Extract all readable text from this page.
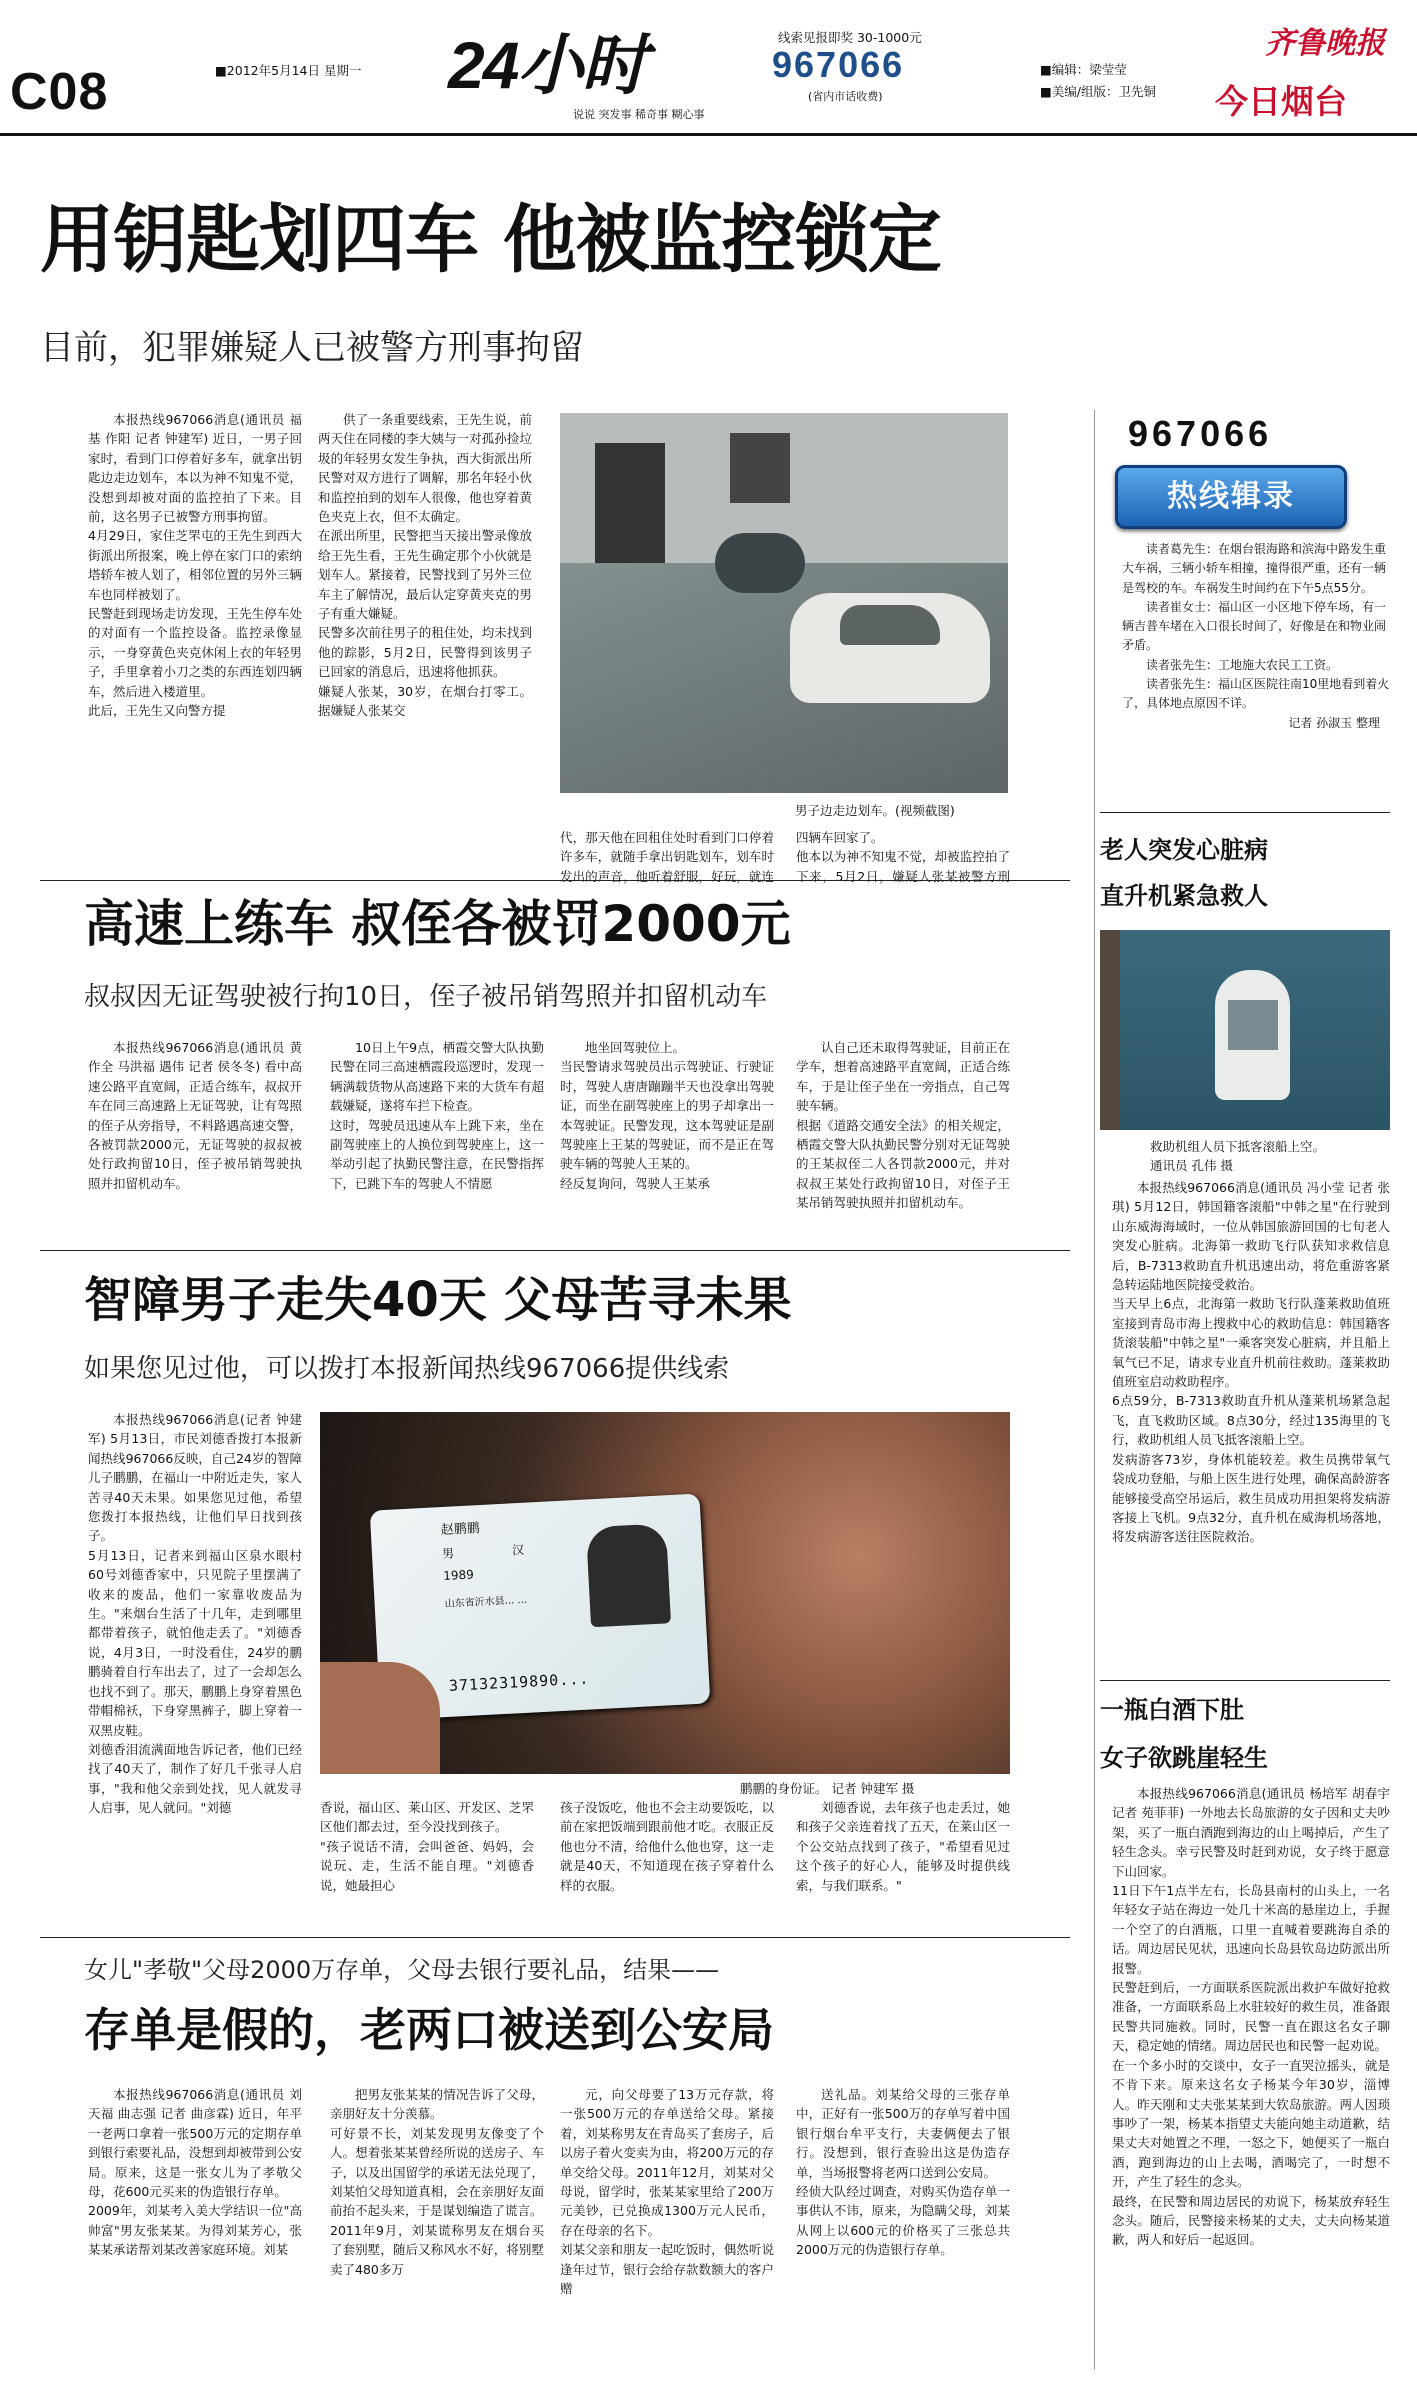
C08	■2012年5月14日 星期一 24小时
说说 突发事 稀奇事 糊心事
线索见报即奖 30-1000元
967066
(省内市话收费)
■编辑：梁莹莹
■美编/组版：卫先铜
齐鲁晚报
今日烟台
用钥匙划四车 他被监控锁定
目前，犯罪嫌疑人已被警方刑事拘留

本报热线967066消息(通讯员 福基 作阳 记者 钟建军) 近日，一男子回家时，看到门口停着好多车，就拿出钥匙边走边划车，本以为神不知鬼不觉，没想到却被对面的监控拍了下来。目前，这名男子已被警方刑事拘留。
4月29日，家住芝罘屯的王先生到西大街派出所报案，晚上停在家门口的索纳塔轿车被人划了，相邻位置的另外三辆车也同样被划了。
民警赶到现场走访发现，王先生停车处的对面有一个监控设备。监控录像显示，一身穿黄色夹克休闲上衣的年轻男子，手里拿着小刀之类的东西连划四辆车，然后进入楼道里。
此后，王先生又向警方提

供了一条重要线索，王先生说，前两天住在同楼的李大姨与一对孤孙捡垃圾的年轻男女发生争执，西大街派出所民警对双方进行了调解，那名年轻小伙和监控拍到的划车人很像，他也穿着黄色夹克上衣，但不太确定。
在派出所里，民警把当天接出警录像放给王先生看，王先生确定那个小伙就是划车人。紧接着，民警找到了另外三位车主了解情况，最后认定穿黄夹克的男子有重大嫌疑。
民警多次前往男子的租住处，均未找到他的踪影，5月2日，民警得到该男子已回家的消息后，迅速将他抓获。
嫌疑人张某，30岁，在烟台打零工。据嫌疑人张某交

男子边走边划车。(视频截图)

代，那天他在回租住处时看到门口停着许多车，就随手拿出钥匙划车，划车时发出的声音，他听着舒服，好玩，就连

四辆车回家了。
他本以为神不知鬼不觉，却被监控拍了下来，5月2日，嫌疑人张某被警方刑

967066
热线辑录
读者葛先生：在烟台银海路和滨海中路发生重大车祸，三辆小轿车相撞，撞得很严重，还有一辆是驾校的车。车祸发生时间约在下午5点55分。
读者崔女士：福山区一小区地下停车场，有一辆吉普车堵在入口很长时间了，好像是在和物业闹矛盾。
读者张先生：工地施大农民工工资。
读者张先生：福山区医院往南10里地看到着火了，具体地点原因不详。
记者 孙淑玉 整理
高速上练车 叔侄各被罚2000元
叔叔因无证驾驶被行拘10日，侄子被吊销驾照并扣留机动车

本报热线967066消息(通讯员 黄作全 马洪福 遇伟 记者 侯冬冬) 看中高速公路平直宽阔，正适合练车，叔叔开车在同三高速路上无证驾驶，让有驾照的侄子从旁指导，不料路遇高速交警，各被罚款2000元，无证驾驶的叔叔被处行政拘留10日，侄子被吊销驾驶执照并扣留机动车。

10日上午9点，栖霞交警大队执勤民警在同三高速栖霞段巡逻时，发现一辆满载货物从高速路下来的大货车有超载嫌疑，遂将车拦下检查。
这时，驾驶员迅速从车上跳下来，坐在副驾驶座上的人换位到驾驶座上，这一举动引起了执勤民警注意，在民警指挥下，已跳下车的驾驶人不情愿

地坐回驾驶位上。
当民警请求驾驶员出示驾驶证、行驶证时，驾驶人唐唐蹦蹦半天也没拿出驾驶证，而坐在副驾驶座上的男子却拿出一本驾驶证。民警发现，这本驾驶证是副驾驶座上王某的驾驶证，而不是正在驾驶车辆的驾驶人王某的。
经反复询问，驾驶人王某承

认自己还未取得驾驶证，目前正在学车，想着高速路平直宽阔，正适合练车，于是让侄子坐在一旁指点，自己驾驶车辆。
根据《道路交通安全法》的相关规定，栖霞交警大队执勤民警分别对无证驾驶的王某叔侄二人各罚款2000元，并对叔叔王某处行政拘留10日，对侄子王某吊销驾驶执照并扣留机动车。

智障男子走失40天 父母苦寻未果
如果您见过他，可以拨打本报新闻热线967066提供线索

本报热线967066消息(记者 钟建军) 5月13日，市民刘德香拨打本报新闻热线967066反映，自己24岁的智障儿子鹏鹏，在福山一中附近走失，家人苦寻40天未果。如果您见过他，希望您拨打本报热线，让他们早日找到孩子。
5月13日，记者来到福山区泉水眼村60号刘德香家中，只见院子里摆满了收来的废品，他们一家靠收废品为生。"来烟台生活了十几年，走到哪里都带着孩子，就怕他走丢了。"刘德香说，4月3日，一时没看住，24岁的鹏鹏骑着自行车出去了，过了一会却怎么也找不到了。那天，鹏鹏上身穿着黑色带帽棉袄，下身穿黑裤子，脚上穿着一双黑皮鞋。
刘德香泪流满面地告诉记者，他们已经找了40天了，制作了好几千张寻人启事，"我和他父亲到处找，见人就发寻人启事，见人就问。"刘德

赵鹏鹏
男	汉
1989
山东省沂水县... ...
37132319890...
鹏鹏的身份证。 记者 钟建军 摄

香说，福山区、莱山区、开发区、芝罘区他们都去过，至今没找到孩子。
"孩子说话不清，会叫爸爸、妈妈，会说玩、走，生活不能自理。"刘德香说，她最担心

孩子没饭吃，他也不会主动要饭吃，以前在家把饭端到跟前他才吃。衣服正反他也分不清，给他什么他也穿，这一走就是40天，不知道现在孩子穿着什么样的衣服。

刘德香说，去年孩子也走丢过，她和孩子父亲连着找了五天，在莱山区一个公交站点找到了孩子，"希望看见过这个孩子的好心人，能够及时提供线索，与我们联系。"

女儿"孝敬"父母2000万存单，父母去银行要礼品，结果——
存单是假的，老两口被送到公安局

本报热线967066消息(通讯员 刘天福 曲志强 记者 曲彦霖) 近日，年平一老两口拿着一张500万元的定期存单到银行索要礼品，没想到却被带到公安局。原来，这是一张女儿为了孝敬父母，花600元买来的伪造银行存单。
2009年，刘某考入美大学结识一位"高帅富"男友张某某。为得刘某芳心，张某某承诺帮刘某改善家庭环境。刘某

把男友张某某的情况告诉了父母，亲朋好友十分羡慕。
可好景不长，刘某发现男友像变了个人。想着张某某曾经所说的送房子、车子，以及出国留学的承诺无法兑现了，刘某怕父母知道真相，会在亲朋好友面前抬不起头来，于是谋划编造了谎言。
2011年9月，刘某谎称男友在烟台买了套别墅，随后又称风水不好，将别墅卖了480多万

元，向父母要了13万元存款，将一张500万元的存单送给父母。紧接着，刘某称男友在青岛买了套房子，后以房子着火变卖为由，将200万元的存单交给父母。2011年12月，刘某对父母说，留学时，张某某家里给了200万元美钞，已兑换成1300万元人民币，存在母亲的名下。
刘某父亲和朋友一起吃饭时，偶然听说逢年过节，银行会给存款数额大的客户赠

送礼品。刘某给父母的三张存单中，正好有一张500万的存单写着中国银行烟台牟平支行，夫妻俩便去了银行。没想到，银行查验出这是伪造存单，当场报警将老两口送到公安局。
经侦大队经过调查，对购买伪造存单一事供认不讳，原来，为隐瞒父母，刘某从网上以600元的价格买了三张总共2000万元的伪造银行存单。

老人突发心脏病
直升机紧急救人
救助机组人员下抵客滚船上空。
通讯员 孔伟 摄

本报热线967066消息(通讯员 冯小莹 记者 张琪) 5月12日，韩国籍客滚船"中韩之星"在行驶到山东威海海域时，一位从韩国旅游回国的七旬老人突发心脏病。北海第一救助飞行队获知求救信息后，B-7313救助直升机迅速出动，将危重游客紧急转运陆地医院接受救治。
当天早上6点，北海第一救助飞行队蓬莱救助值班室接到青岛市海上搜救中心的救助信息：韩国籍客货滚装船"中韩之星"一乘客突发心脏病，并且船上氧气已不足，请求专业直升机前往救助。蓬莱救助值班室启动救助程序。
6点59分，B-7313救助直升机从蓬莱机场紧急起飞，直飞救助区域。8点30分，经过135海里的飞行，救助机组人员飞抵客滚船上空。
发病游客73岁，身体机能较差。救生员携带氧气袋成功登船，与船上医生进行处理，确保高龄游客能够接受高空吊运后，救生员成功用担架将发病游客接上飞机。9点32分，直升机在威海机场落地，将发病游客送往医院救治。

一瓶白酒下肚
女子欲跳崖轻生

本报热线967066消息(通讯员 杨培军 胡春宇 记者 苑菲菲) 一外地去长岛旅游的女子因和丈夫吵架，买了一瓶白酒跑到海边的山上喝掉后，产生了轻生念头。幸亏民警及时赶到劝说，女子终于愿意下山回家。
11日下午1点半左右，长岛县南村的山头上，一名年轻女子站在海边一处几十米高的悬崖边上，手握一个空了的白酒瓶，口里一直喊着要跳海自杀的话。周边居民见状，迅速向长岛县钦岛边防派出所报警。
民警赶到后，一方面联系医院派出救护车做好抢救准备，一方面联系岛上水驻较好的救生员，准备跟民警共同施救。同时，民警一直在跟这名女子聊天，稳定她的情绪。周边居民也和民警一起劝说。
在一个多小时的交谈中，女子一直哭泣摇头，就是不肯下来。原来这名女子杨某今年30岁，淄博人。昨天刚和丈夫张某某到大钦岛旅游。两人因琐事吵了一架，杨某本指望丈夫能向她主动道歉，结果丈夫对她置之不理，一怒之下，她便买了一瓶白酒，跑到海边的山上去喝，酒喝完了，一时想不开，产生了轻生的念头。
最终，在民警和周边居民的劝说下，杨某放弃轻生念头。随后，民警接来杨某的丈夫，丈夫向杨某道歉，两人和好后一起返回。
